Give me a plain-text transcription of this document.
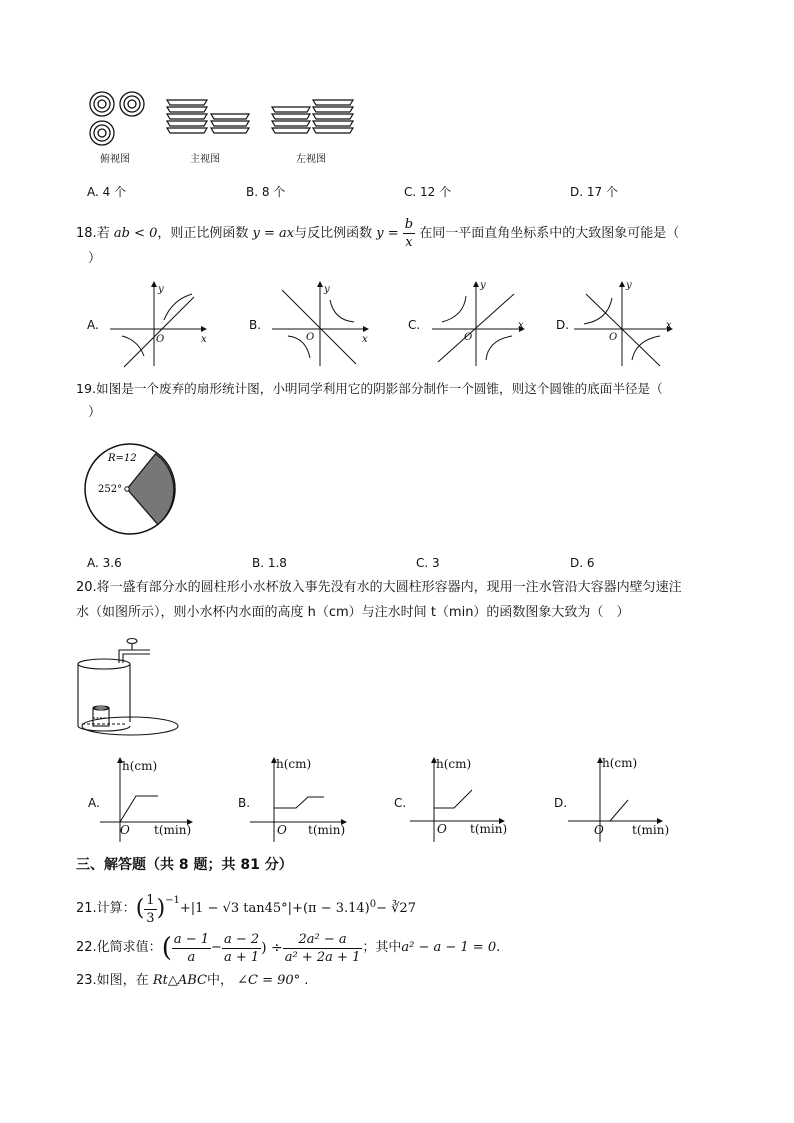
俯视图	主视图	左视图
A. 4 个	B. 8 个	C. 12 个	D. 17 个
18.若 ab < 0，则正比例函数 y = ax与反比例函数 $y = \frac{b}{x}$ 在同一平面直角坐标系中的大致图象可能是（
）
y
x
O
y
x
O
y
x
O
y
x
O
A.	B.	C.	D.
19.如图是一个废弃的扇形统计图，小明同学利用它的阴影部分制作一个圆锥，则这个圆锥的底面半径是（
）
R=12
252°
A. 3.6	B. 1.8	C. 3	D. 6
20.将一盛有部分水的圆柱形小水杯放入事先没有水的大圆柱形容器内，现用一注水管沿大容器内壁匀速注
水（如图所示），则小水杯内水面的高度 h（cm）与注水时间 t（min）的函数图象大致为（　）
h(cm)
t(min)
O
h(cm)
t(min)
O
h(cm)
t(min)
O
h(cm)
t(min)
O
A.	B.	C.	D.
三、解答题（共 8 题；共 81 分）
21.计算： ( $\frac{1}{3} )^{-1}$
+|1 − √3 $\tan 45^\circ|+(\pi - 3.14)^0$ − ∛27
22.化简求值： ( $\frac{a - 1}{a} - \frac{a - 2}{a + 1}$ ) ÷ $\frac{\text{2a² − a}}{\text{a² + 2a + 1}}$ ；其中 a² − a − 1 = 0.
23.如图，在 Rt△ABC中， ∠C = 90° .
